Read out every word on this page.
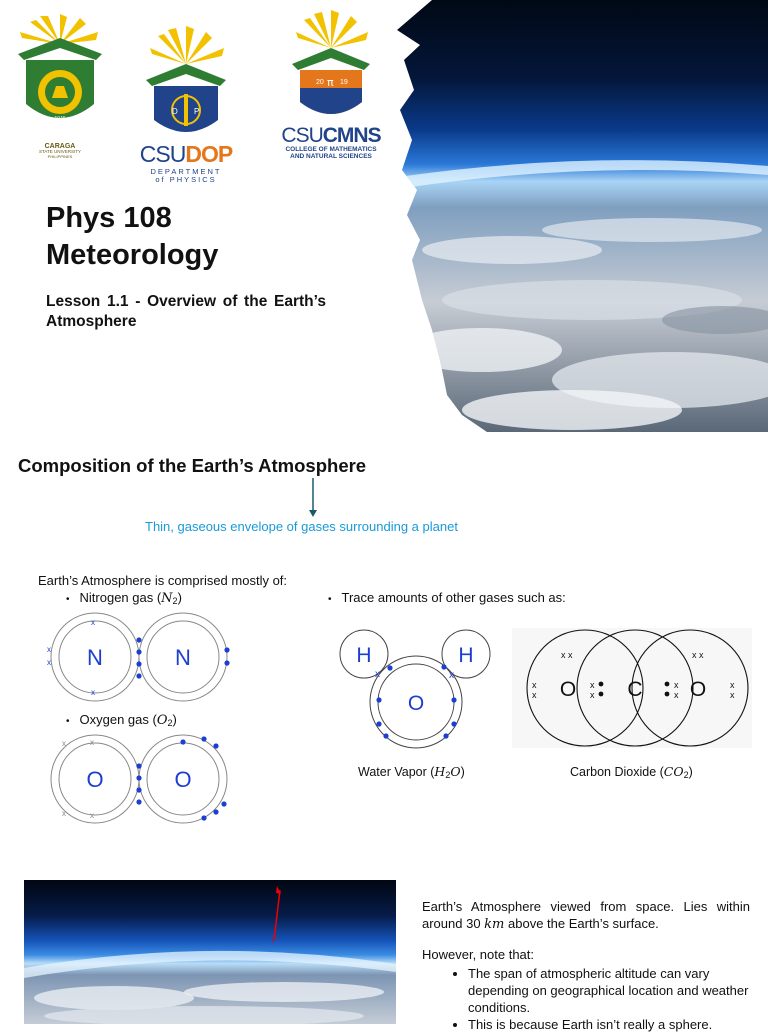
1946
CARAGA
STATE UNIVERSITY
PHILIPPINES
D P
CSUDOP
DEPARTMENT
of PHYSICS
20 19
π
CSUCMNS
COLLEGE OF MATHEMATICS
AND NATURAL SCIENCES
Phys 108
Meteorology
Lesson 1.1 - Overview of the Earth’s Atmosphere
Composition of the Earth’s Atmosphere
Thin, gaseous envelope of gases surrounding a planet
Earth’s Atmosphere is comprised mostly of:
• Nitrogen gas $(N_2)$
• Oxygen gas $(O_2)$
• Trace amounts of other gases such as:
N	N
x
x
x
x
O	O
x	x
x	x
H	H
O
x	x
O C O
x x	x x
x
x
x
x
x
x
x
x
Water Vapor $(H_2O)$	Carbon Dioxide $(CO_2)$

Earth’s Atmosphere viewed from space. Lies within around 30 km above the Earth’s surface.

However, note that:

• The span of atmospheric altitude can vary depending on geographical location and weather conditions.
• This is because Earth isn’t really a sphere.
